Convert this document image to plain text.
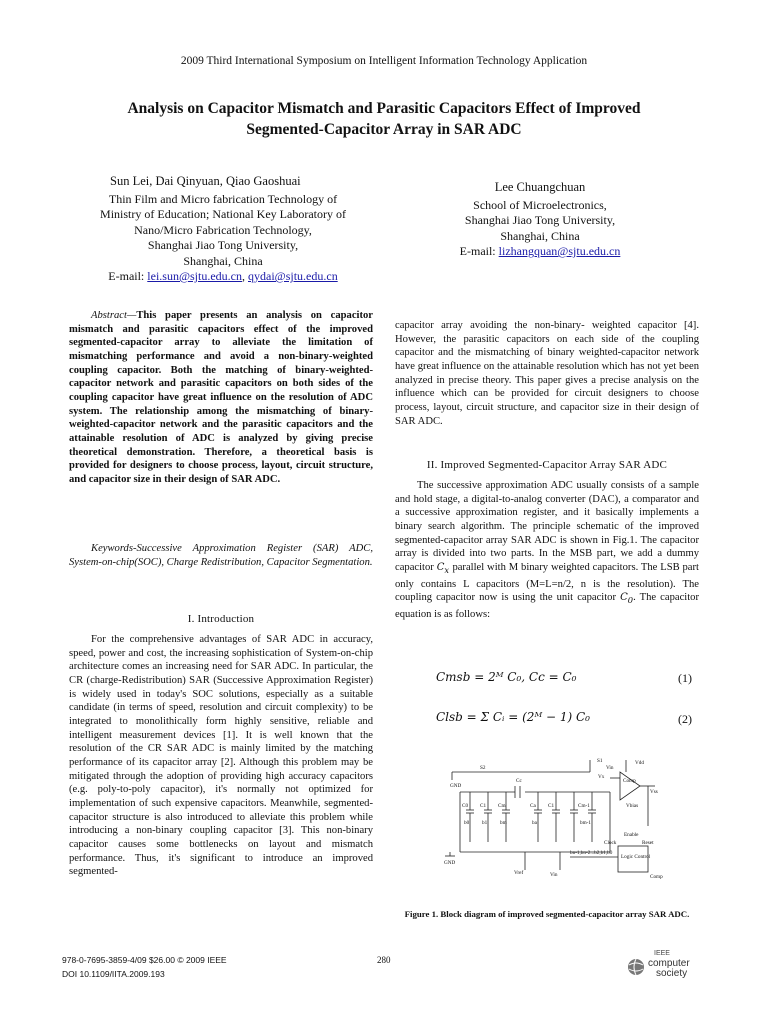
2009 Third International Symposium on Intelligent Information Technology Application
Analysis on Capacitor Mismatch and Parasitic Capacitors Effect of Improved
Segmented-Capacitor Array in SAR ADC
Sun Lei, Dai Qinyuan, Qiao Gaoshuai
Thin Film and Micro fabrication Technology of
Ministry of Education; National Key Laboratory of
Nano/Micro Fabrication Technology,
Shanghai Jiao Tong University,
Shanghai, China
E-mail: lei.sun@sjtu.edu.cn, qydai@sjtu.edu.cn
Lee Chuangchuan
School of Microelectronics,
Shanghai Jiao Tong University,
Shanghai, China
E-mail: lizhangquan@sjtu.edu.cn

Abstract—This paper presents an analysis on capacitor mismatch and parasitic capacitors effect of the improved segmented-capacitor array to alleviate the limitation of mismatching performance and avoid a non-binary-weighted coupling capacitor. Both the matching of binary-weighted-capacitor network and parasitic capacitors on both sides of the coupling capacitor have great influence on the resolution of ADC system. The relationship among the mismatching of binary-weighted-capacitor network and the parasitic capacitors and the attainable resolution of ADC is analyzed by giving precise theoretical demonstration. Therefore, a theoretical basis is provided for designers to choose process, layout, circuit structure, and capacitor size in their design of SAR ADC.

Keywords-Successive Approximation Register (SAR) ADC, System-on-chip(SOC), Charge Redistribution, Capacitor Segmentation.
I. Introduction

For the comprehensive advantages of SAR ADC in accuracy, speed, power and cost, the increasing sophistication of System-on-chip architecture comes an increasing need for SAR ADC. In particular, the CR (charge-Redistribution) SAR (Successive Approximation Register) is widely used in today's SOC solutions, especially as a suitable candidate (in terms of speed, resolution and circuit complexity) to be integrated to monolithically form highly sensitive, reliable and intelligent measurement devices [1]. It is well known that the resolution of the CR SAR ADC is mainly limited by the matching performance of its capacitor array [2]. Although this problem may be mitigated through the adoption of providing high accuracy capacitors (e.g. poly-to-poly capacitor), it's normally not optimized for implementation of such expensive capacitors. Meanwhile, segmented-capacitor structure is also introduced to alleviate this problem while introducing a non-binary coupling capacitor [3]. This non-binary capacitor causes some bottlenecks on layout and mismatch performance. Thus, it's significant to introduce an improved segmented-

capacitor array avoiding the non-binary- weighted capacitor [4]. However, the parasitic capacitors on each side of the coupling capacitor and the mismatching of binary weighted-capacitor network have great influence on the attainable resolution which has not yet been analyzed in precise theory. This paper gives a precise analysis on the influence which can be provided for circuit designers to choose process, layout, circuit structure, and capacitor size in their design of SAR ADC.

II. Improved Segmented-Capacitor Array SAR ADC

The successive approximation ADC usually consists of a sample and hold stage, a digital-to-analog converter (DAC), a comparator and a successive approximation register, and it basically implements a binary search algorithm. The principle schematic of the improved segmented-capacitor array SAR ADC is shown in Fig.1. The capacitor array is divided into two parts. In the MSB part, we add a dummy capacitor $C_x$ parallel with M binary weighted capacitors. The LSB part only contains L capacitors (M=L=n/2, n is the resolution). The coupling capacitor now is using the unit capacitor $C_0$. The capacitor equation is as follows:

Cmsb = 2ᴹ C₀, Cc = C₀	(1)
Clsb = Σ Cᵢ = (2ᴹ − 1) C₀	(2)
GND
S2
Cc
S1
Vin
Vdd
Vx
Comp
Vss
Vbias
C0 C1 Cm	Ca C1	Cm-1
b0 b1 bm	ba	bm-1
GND
Vref	Vin
Enable
Clock	Reset
Logic Control
bn-1,bn-2...b2,b1,b0
Comp
Figure 1. Block diagram of improved segmented-capacitor array SAR ADC.
978-0-7695-3859-4/09 $26.00 © 2009 IEEE
DOI 10.1109/IITA.2009.193
280
IEEE
computer
society
